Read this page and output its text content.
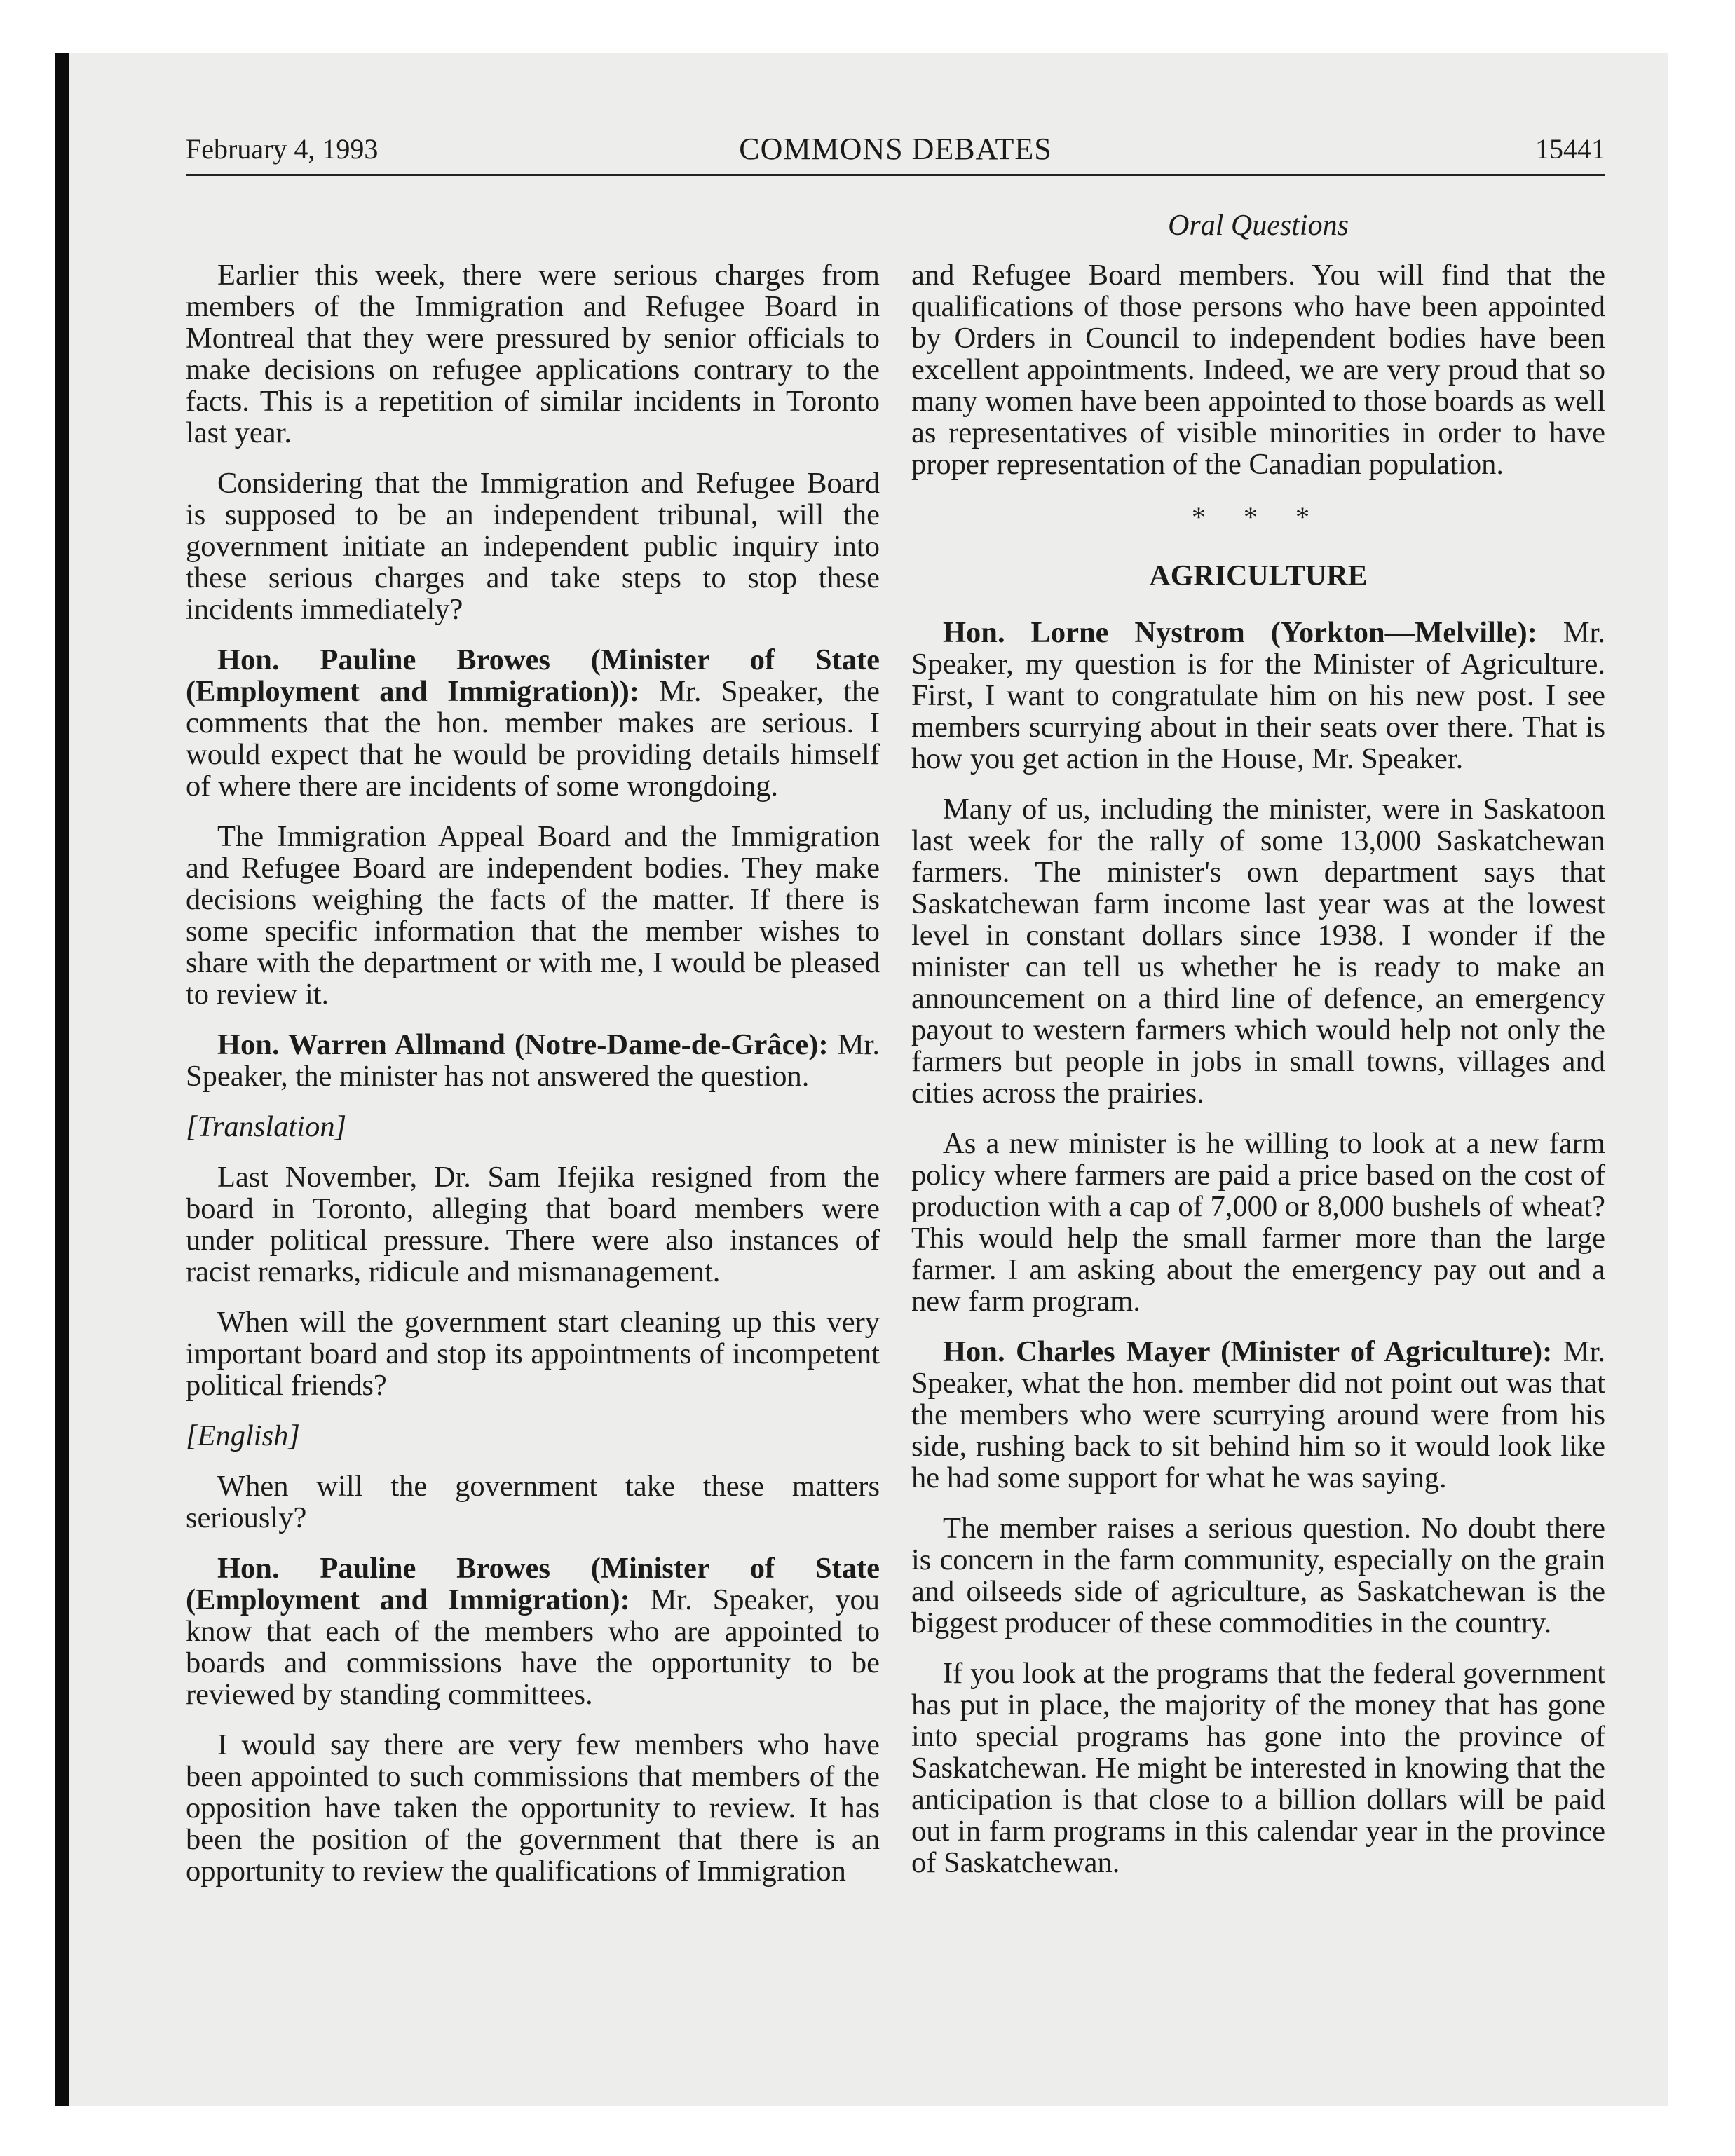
February 4, 1993	COMMONS DEBATES	15441

Earlier this week, there were serious charges from members of the Immigration and Refugee Board in Montreal that they were pressured by senior officials to make decisions on refugee applications contrary to the facts. This is a repetition of similar incidents in Toronto last year.

Considering that the Immigration and Refugee Board is supposed to be an independent tribunal, will the government initiate an independent public inquiry into these serious charges and take steps to stop these incidents immediately?

Hon. Pauline Browes (Minister of State (Employment and Immigration)): Mr. Speaker, the comments that the hon. member makes are serious. I would expect that he would be providing details himself of where there are incidents of some wrongdoing.

The Immigration Appeal Board and the Immigration and Refugee Board are independent bodies. They make decisions weighing the facts of the matter. If there is some specific information that the member wishes to share with the department or with me, I would be pleased to review it.

Hon. Warren Allmand (Notre-Dame-de-Grâce): Mr. Speaker, the minister has not answered the question.

[Translation]

Last November, Dr. Sam Ifejika resigned from the board in Toronto, alleging that board members were under political pressure. There were also instances of racist remarks, ridicule and mismanagement.

When will the government start cleaning up this very important board and stop its appointments of incompetent political friends?

[English]

When will the government take these matters seriously?

Hon. Pauline Browes (Minister of State (Employment and Immigration): Mr. Speaker, you know that each of the members who are appointed to boards and commissions have the opportunity to be reviewed by standing committees.

I would say there are very few members who have been appointed to such commissions that members of the opposition have taken the opportunity to review. It has been the position of the government that there is an opportunity to review the qualifications of Immigration

Oral Questions

and Refugee Board members. You will find that the qualifications of those persons who have been appointed by Orders in Council to independent bodies have been excellent appointments. Indeed, we are very proud that so many women have been appointed to those boards as well as representatives of visible minorities in order to have proper representation of the Canadian population.

* * *
AGRICULTURE

Hon. Lorne Nystrom (Yorkton—Melville): Mr. Speaker, my question is for the Minister of Agriculture. First, I want to congratulate him on his new post. I see members scurrying about in their seats over there. That is how you get action in the House, Mr. Speaker.

Many of us, including the minister, were in Saskatoon last week for the rally of some 13,000 Saskatchewan farmers. The minister's own department says that Saskatchewan farm income last year was at the lowest level in constant dollars since 1938. I wonder if the minister can tell us whether he is ready to make an announcement on a third line of defence, an emergency payout to western farmers which would help not only the farmers but people in jobs in small towns, villages and cities across the prairies.

As a new minister is he willing to look at a new farm policy where farmers are paid a price based on the cost of production with a cap of 7,000 or 8,000 bushels of wheat? This would help the small farmer more than the large farmer. I am asking about the emergency pay out and a new farm program.

Hon. Charles Mayer (Minister of Agriculture): Mr. Speaker, what the hon. member did not point out was that the members who were scurrying around were from his side, rushing back to sit behind him so it would look like he had some support for what he was saying.

The member raises a serious question. No doubt there is concern in the farm community, especially on the grain and oilseeds side of agriculture, as Saskatchewan is the biggest producer of these commodities in the country.

If you look at the programs that the federal government has put in place, the majority of the money that has gone into special programs has gone into the province of Saskatchewan. He might be interested in knowing that the anticipation is that close to a billion dollars will be paid out in farm programs in this calendar year in the province of Saskatchewan.
